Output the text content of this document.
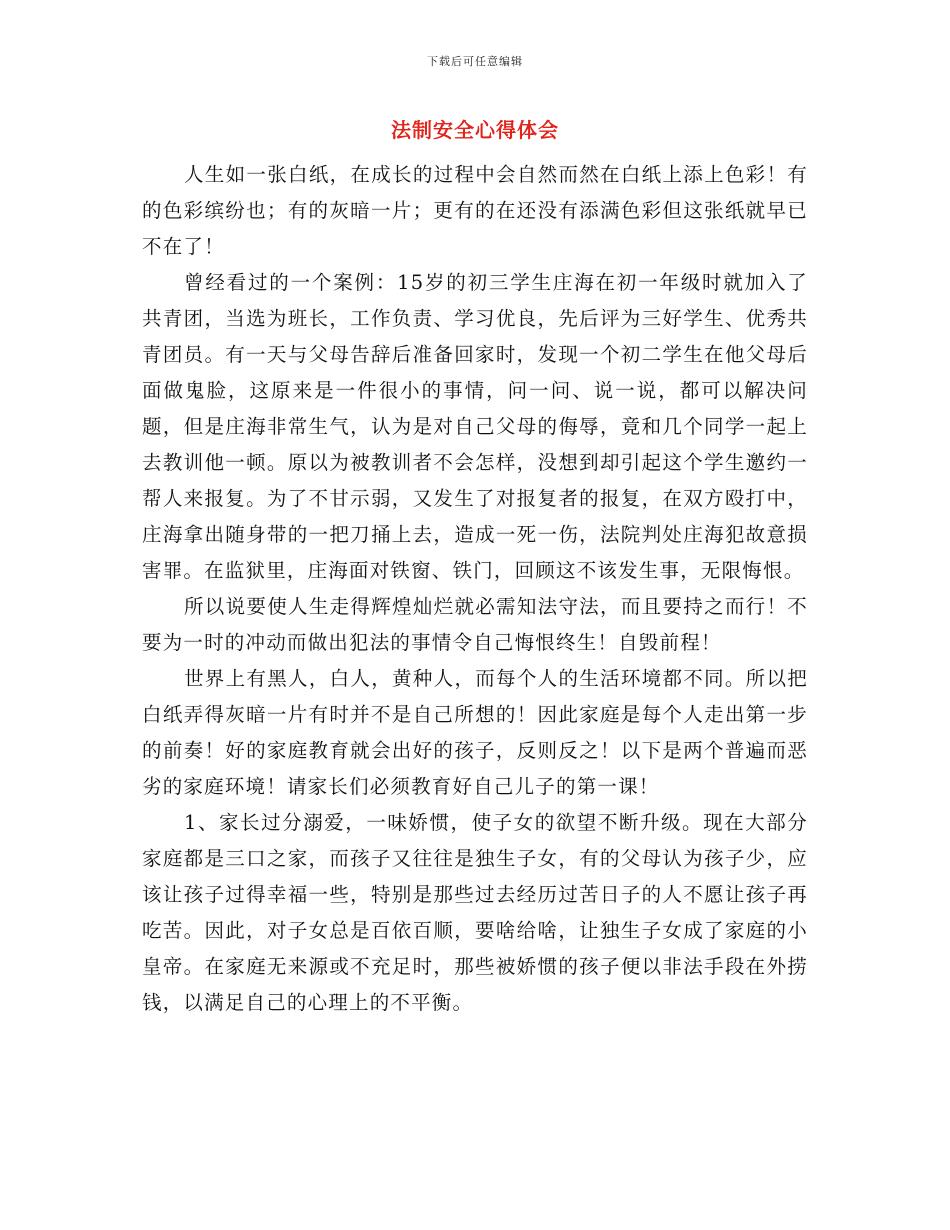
下载后可任意编辑
法制安全心得体会

人生如一张白纸，在成长的过程中会自然而然在白纸上添上色彩！有的色彩缤纷也；有的灰暗一片；更有的在还没有添满色彩但这张纸就早已不在了！

曾经看过的一个案例：15岁的初三学生庄海在初一年级时就加入了共青团，当选为班长，工作负责、学习优良，先后评为三好学生、优秀共青团员。有一天与父母告辞后准备回家时，发现一个初二学生在他父母后面做鬼脸，这原来是一件很小的事情，问一问、说一说，都可以解决问题，但是庄海非常生气，认为是对自己父母的侮辱，竟和几个同学一起上去教训他一顿。原以为被教训者不会怎样，没想到却引起这个学生邀约一帮人来报复。为了不甘示弱，又发生了对报复者的报复，在双方殴打中，庄海拿出随身带的一把刀捅上去，造成一死一伤，法院判处庄海犯故意损害罪。在监狱里，庄海面对铁窗、铁门，回顾这不该发生事，无限悔恨。

所以说要使人生走得辉煌灿烂就必需知法守法，而且要持之而行！不要为一时的冲动而做出犯法的事情令自己悔恨终生！自毁前程！

世界上有黑人，白人，黄种人，而每个人的生活环境都不同。所以把白纸弄得灰暗一片有时并不是自己所想的！因此家庭是每个人走出第一步的前奏！好的家庭教育就会出好的孩子，反则反之！以下是两个普遍而恶劣的家庭环境！请家长们必须教育好自己儿子的第一课！

1、家长过分溺爱，一味娇惯，使子女的欲望不断升级。现在大部分家庭都是三口之家，而孩子又往往是独生子女，有的父母认为孩子少，应该让孩子过得幸福一些，特别是那些过去经历过苦日子的人不愿让孩子再吃苦。因此，对子女总是百依百顺，要啥给啥，让独生子女成了家庭的小皇帝。在家庭无来源或不充足时，那些被娇惯的孩子便以非法手段在外捞钱，以满足自己的心理上的不平衡。
